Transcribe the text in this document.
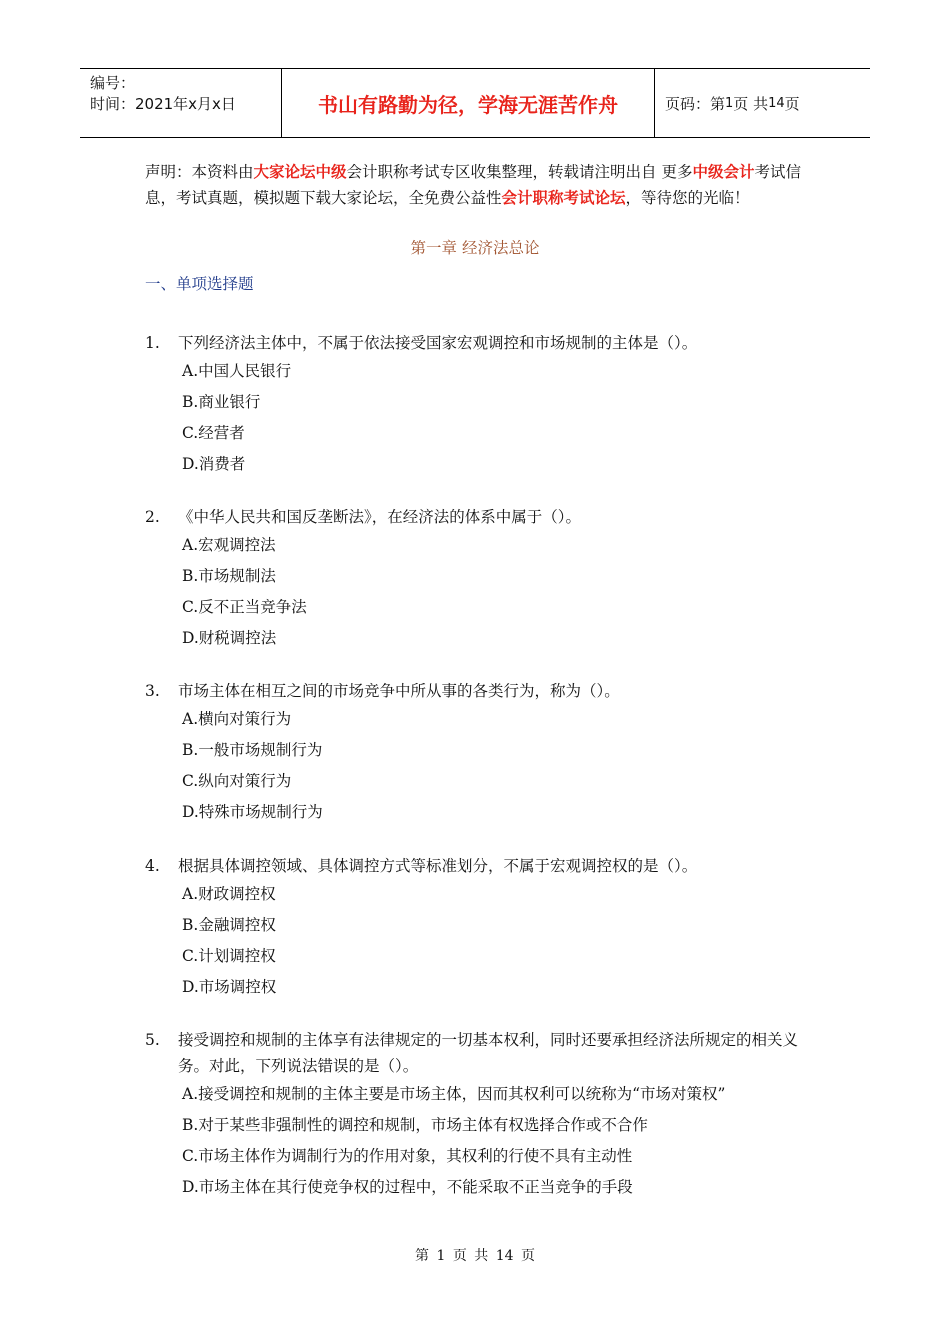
编号：
时间：2021年x月x日	书山有路勤为径，学海无涯苦作舟	页码：第 1 页 共 14 页
声明：本资料由大家论坛中级会计职称考试专区收集整理，转载请注明出自 更多中级会计考试信息，考试真题，模拟题下载大家论坛，全免费公益性会计职称考试论坛，等待您的光临！
第一章 经济法总论
一、单项选择题
1.	下列经济法主体中，不属于依法接受国家宏观调控和市场规制的主体是（）。
A.中国人民银行
B.商业银行
C.经营者
D.消费者
2.	《中华人民共和国反垄断法》，在经济法的体系中属于（）。
A.宏观调控法
B.市场规制法
C.反不正当竞争法
D.财税调控法
3.	市场主体在相互之间的市场竞争中所从事的各类行为，称为（）。
A.横向对策行为
B.一般市场规制行为
C.纵向对策行为
D.特殊市场规制行为
4.	根据具体调控领域、具体调控方式等标准划分，不属于宏观调控权的是（）。
A.财政调控权
B.金融调控权
C.计划调控权
D.市场调控权
5.	接受调控和规制的主体享有法律规定的一切基本权利，同时还要承担经济法所规定的相关义务。对此，下列说法错误的是（）。
A.接受调控和规制的主体主要是市场主体，因而其权利可以统称为“市场对策权”
B.对于某些非强制性的调控和规制，市场主体有权选择合作或不合作
C.市场主体作为调制行为的作用对象，其权利的行使不具有主动性
D.市场主体在其行使竞争权的过程中，不能采取不正当竞争的手段
第 1 页 共 14 页
